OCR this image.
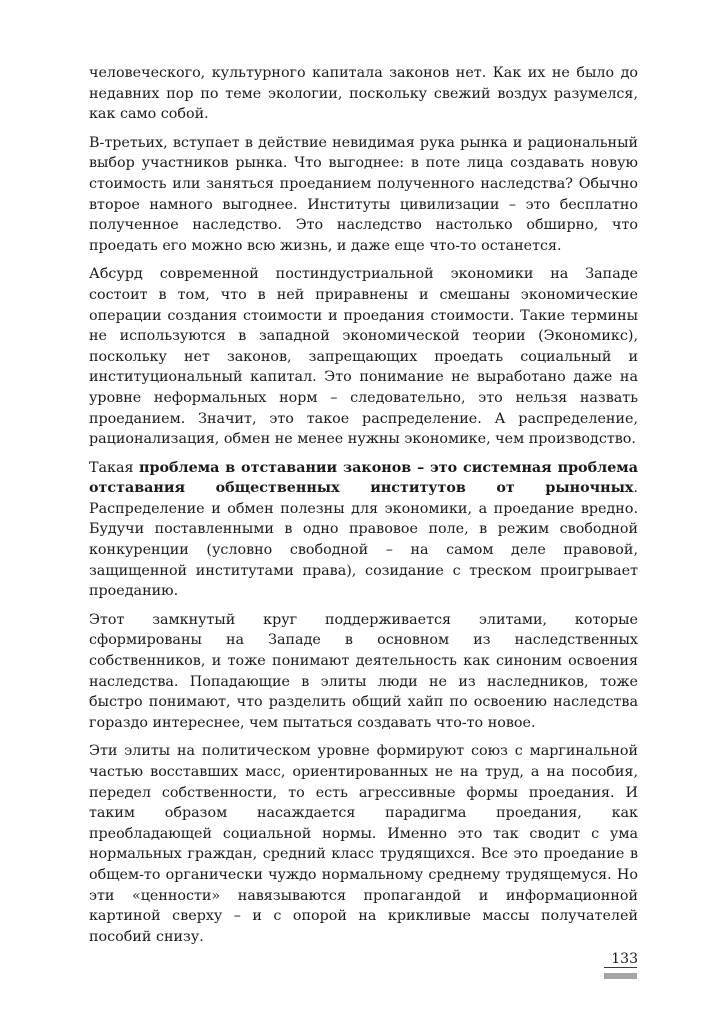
человеческого, культурного капитала законов нет. Как их не было до недавних пор по теме экологии, поскольку свежий воздух разумелся, как само собой.

В-третьих, вступает в действие невидимая рука рынка и рациональный выбор участников рынка. Что выгоднее: в поте лица создавать новую стоимость или заняться проеданием полученного наследства? Обычно второе намного выгоднее. Институты цивилизации – это бесплатно полученное наследство. Это наследство настолько обширно, что проедать его можно всю жизнь, и даже еще что-то останется.

Абсурд современной постиндустриальной экономики на Западе состоит в том, что в ней приравнены и смешаны экономические операции создания стоимости и проедания стоимости. Такие термины не используются в западной экономической теории (Экономикс), поскольку нет законов, запрещающих проедать социальный и институциональный капитал. Это понимание не выработано даже на уровне неформальных норм – следовательно, это нельзя назвать проеданием. Значит, это такое распределение. А распределение, рационализация, обмен не менее нужны экономике, чем производство.

Такая проблема в отставании законов – это системная проблема отставания общественных институтов от рыночных. Распределение и обмен полезны для экономики, а проедание вредно. Будучи поставленными в одно правовое поле, в режим свободной конкуренции (условно свободной – на самом деле правовой, защищенной институтами права), созидание с треском проигрывает проеданию.

Этот замкнутый круг поддерживается элитами, которые сформированы на Западе в основном из наследственных собственников, и тоже понимают деятельность как синоним освоения наследства. Попадающие в элиты люди не из наследников, тоже быстро понимают, что разделить общий хайп по освоению наследства гораздо интереснее, чем пытаться создавать что-то новое.

Эти элиты на политическом уровне формируют союз с маргинальной частью восставших масс, ориентированных не на труд, а на пособия, передел собственности, то есть агрессивные формы проедания. И таким образом насаждается парадигма проедания, как преобладающей социальной нормы. Именно это так сводит с ума нормальных граждан, средний класс трудящихся. Все это проедание в общем-то органически чуждо нормальному среднему трудящемуся. Но эти «ценности» навязываются пропагандой и информационной картиной сверху – и с опорой на крикливые массы получателей пособий снизу.

133
